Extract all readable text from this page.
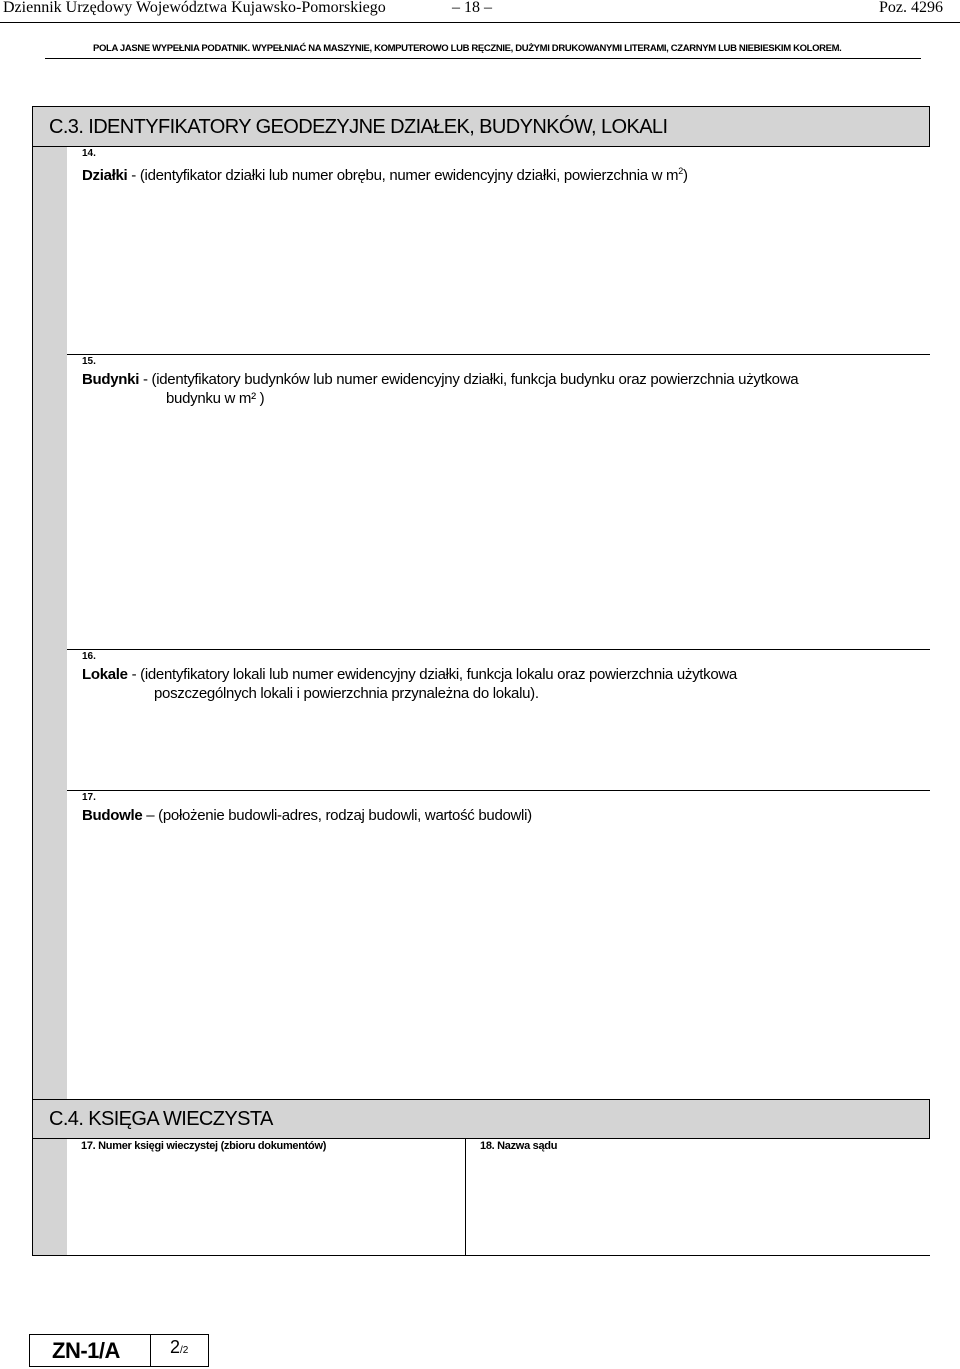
Dziennik Urzędowy Województwa Kujawsko-Pomorskiego	– 18 –	Poz. 4296
POLA JASNE WYPEŁNIA PODATNIK. WYPEŁNIAĆ NA MASZYNIE, KOMPUTEROWO LUB RĘCZNIE, DUŻYMI DRUKOWANYMI LITERAMI, CZARNYM LUB NIEBIESKIM KOLOREM.
C.3. IDENTYFIKATORY GEODEZYJNE DZIAŁEK, BUDYNKÓW, LOKALI
14.
Działki - (identyfikator działki lub numer obrębu, numer ewidencyjny działki, powierzchnia w $m^2$)
15.
Budynki - (identyfikatory budynków lub numer ewidencyjny działki, funkcja budynku oraz powierzchnia użytkowa
budynku w m² )
16.
Lokale - (identyfikatory lokali lub numer ewidencyjny działki, funkcja lokalu oraz powierzchnia użytkowa
poszczególnych lokali i powierzchnia przynależna do lokalu).
17.
Budowle – (położenie budowli-adres, rodzaj budowli, wartość budowli)
C.4. KSIĘGA WIECZYSTA
17. Numer księgi wieczystej (zbioru dokumentów)	18. Nazwa sądu
ZN-1/A	2/2
